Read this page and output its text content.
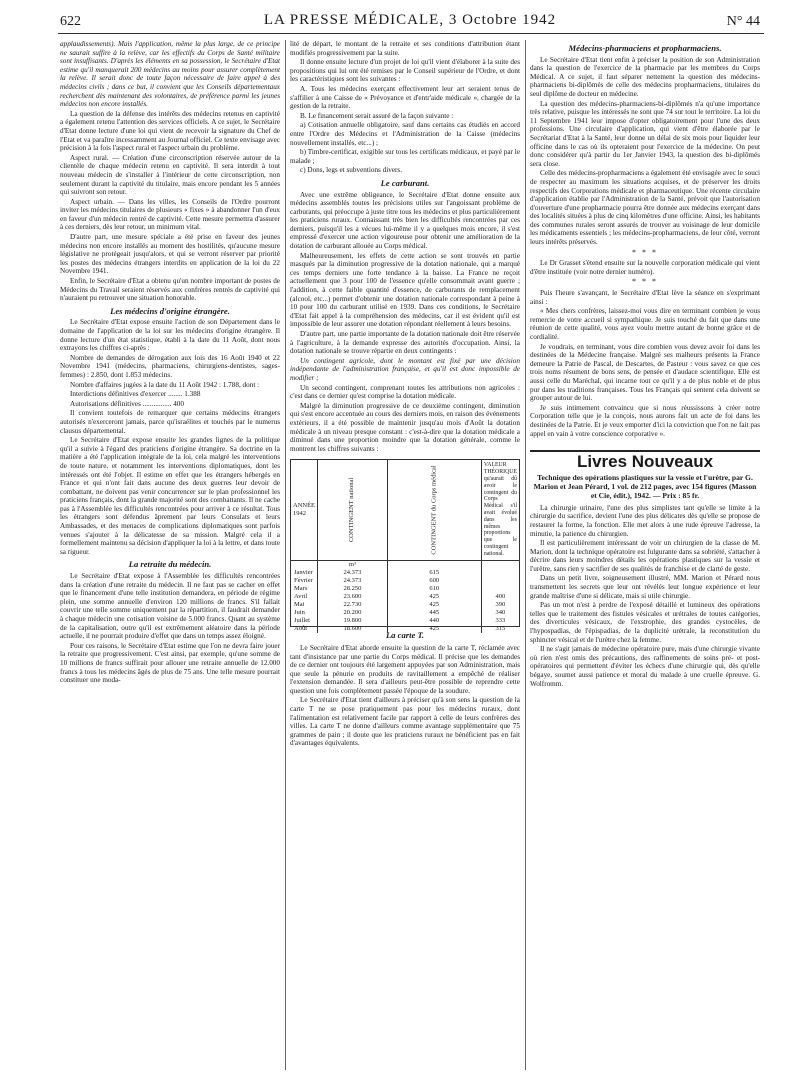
622	LA PRESSE MÉDICALE, 3 Octobre 1942	N° 44

applaudissements). Mais l'application, même la plus large, de ce principe ne saurait suffire à la relève, car les effectifs du Corps de Santé militaire sont insuffisants. D'après les éléments en sa possession, le Secrétaire d'Etat estime qu'il manquerait 200 médecins au moins pour assurer complètement la relève. Il serait donc de toute façon nécessaire de faire appel à des médecins civils ; dans ce but, il convient que les Conseils départementaux recherchent dès maintenant des volontaires, de préférence parmi les jeunes médecins non encore installés.

La question de la défense des intérêts des médecins retenus en captivité a également retenu l'attention des services officiels. A ce sujet, le Secrétaire d'Etat donne lecture d'une loi qui vient de recevoir la signature du Chef de l'Etat et va paraître incessamment au Journal officiel. Ce texte envisage avec précision à la fois l'aspect rural et l'aspect urbain du problème.

Aspect rural. — Création d'une circonscription réservée autour de la clientèle de chaque médecin retenu en captivité. Il sera interdit à tout nouveau médecin de s'installer à l'intérieur de cette circonscription, non seulement durant la captivité du titulaire, mais encore pendant les 5 années qui suivront son retour.

Aspect urbain. — Dans les villes, les Conseils de l'Ordre pourront inviter les médecins titulaires de plusieurs « fixes » à abandonner l'un d'eux en faveur d'un médecin rentré de captivité. Cette mesure permettra d'assurer à ces derniers, dès leur retour, un minimum vital.

D'autre part, une mesure spéciale a été prise en faveur des jeunes médecins non encore installés au moment des hostilités, qu'aucune mesure législative ne protégeait jusqu'alors, et qui se verront réserver par priorité les postes des médecins étrangers interdits en application de la loi du 22 Novembre 1941.

Enfin, le Secrétaire d'Etat a obtenu qu'un nombre important de postes de Médecins du Travail seraient réservés aux confrères rentrés de captivité qui n'auraient pu retrouver une situation honorable.

Les médecins d'origine étrangère.

Le Secrétaire d'Etat expose ensuite l'action de son Département dans le domaine de l'application de la loi sur les médecins d'origine étrangère. Il donne lecture d'un état statistique, établi à la date du 11 Août, dont nous extrayons les chiffres ci-après :

Nombre de demandes de dérogation aux lois des 16 Août 1940 et 22 Novembre 1941 (médecins, pharmaciens, chirurgiens-dentistes, sages-femmes) : 2.850, dont 1.853 médecins.

Nombre d'affaires jugées à la date du 11 Août 1942 : 1.788, dont :

Interdictions définitives d'exercer ........ 1.388

Autorisations définitives ................ 400

Il convient toutefois de remarquer que certains médecins étrangers autorisés n'exerceront jamais, parce qu'israélites et touchés par le numerus clausus départemental.

Le Secrétaire d'Etat expose ensuite les grandes lignes de la politique qu'il a suivie à l'égard des praticiens d'origine étrangère. Sa doctrine en la matière a été l'application intégrale de la loi, cela malgré les interventions de toute nature, et notamment les interventions diplomatiques, dont les intéressés ont été l'objet. Il estime en effet que les étrangers hébergés en France et qui n'ont fait dans aucune des deux guerres leur devoir de combattant, ne doivent pas venir concurrencer sur le plan professionnel les praticiens français, dont la grande majorité sont des combattants. Il ne cache pas à l'Assemblée les difficultés rencontrées pour arriver à ce résultat. Tous les étrangers sont défendus âprement par leurs Consulats et leurs Ambassades, et des menaces de complications diplomatiques sont parfois venues s'ajouter à la délicatesse de sa mission. Malgré cela il a formellement maintenu sa décision d'appliquer la loi à la lettre, et dans toute sa rigueur.

La retraite du médecin.

Le Secrétaire d'Etat expose à l'Assemblée les difficultés rencontrées dans la création d'une retraite du médecin. Il ne faut pas se cacher en effet que le financement d'une telle institution demandera, en période de régime plein, une somme annuelle d'environ 120 millions de francs. S'il fallait couvrir une telle somme uniquement par la répartition, il faudrait demander à chaque médecin une cotisation voisine de 5.000 francs. Quant au système de la capitalisation, outre qu'il est extrêmement aléatoire dans la période actuelle, il ne pourrait produire d'effet que dans un temps assez éloigné.

Pour ces raisons, le Secrétaire d'Etat estime que l'on ne devra faire jouer la retraite que progressivement. C'est ainsi, par exemple, qu'une somme de 10 millions de francs suffirait pour allouer une retraite annuelle de 12.000 francs à tous les médecins âgés de plus de 75 ans. Une telle mesure pourrait constituer une moda-

lité de départ, le montant de la retraite et ses conditions d'attribution étant modifiés progressivement par la suite.

Il donne ensuite lecture d'un projet de loi qu'il vient d'élaborer à la suite des propositions qui lui ont été remises par le Conseil supérieur de l'Ordre, et dont les caractéristiques sont les suivantes :

A. Tous les médecins exerçant effectivement leur art seraient tenus de s'affilier à une Caisse de « Prévoyance et d'entr'aide médicale », chargée de la gestion de la retraite.

B. Le financement serait assuré de la façon suivante :

a) Cotisation annuelle obligatoire, sauf dans certains cas étudiés en accord entre l'Ordre des Médecins et l'Administration de la Caisse (médecins nouvellement installés, etc...) ;

b) Timbre-certificat, exigible sur tous les certificats médicaux, et payé par le malade ;

c) Dons, legs et subventions divers.

Le carburant.

Avec une extrême obligeance, le Secrétaire d'Etat donne ensuite aux médecins assemblés toutes les précisions utiles sur l'angoissant problème de carburants, qui préoccupe à juste titre tous les médecins et plus particulièrement les praticiens ruraux. Connaissant très bien les difficultés rencontrées par ces derniers, puisqu'il les a vécues lui-même il y a quelques mois encore, il s'est empressé d'exercer une action vigoureuse pour obtenir une amélioration de la dotation de carburant allouée au Corps médical.

Malheureusement, les effets de cette action se sont trouvés en partie masqués par la diminution progressive de la dotation nationale, qui a marqué ces temps derniers une forte tendance à la baisse. La France ne reçoit actuellement que 3 pour 100 de l'essence qu'elle consommait avant guerre ; l'addition, à cette faible quantité d'essence, de carburants de remplacement (alcool, etc...) permet d'obtenir une dotation nationale correspondant à peine à 10 pour 100 du carburant utilisé en 1939. Dans ces conditions, le Secrétaire d'Etat fait appel à la compréhension des médecins, car il est évident qu'il est impossible de leur assurer une dotation répondant réellement à leurs besoins.

D'autre part, une partie importante de la dotation nationale doit être réservée à l'agriculture, à la demande expresse des autorités d'occupation. Ainsi, la dotation nationale se trouve répartie en deux contingents :

Un contingent agricole, dont le montant est fixé par une décision indépendante de l'administration française, et qu'il est donc impossible de modifier ;

Un second contingent, comprenant toutes les attributions non agricoles : c'est dans ce dernier qu'est comprise la dotation médicale.

Malgré la diminution progressive de ce deuxième contingent, diminution qui s'est encore accentuée au cours des derniers mois, en raison des événements extérieurs, il a été possible de maintenir jusqu'au mois d'Août la dotation médicale à un niveau presque constant : c'est-à-dire que la dotation médicale a diminué dans une proportion moindre que la dotation générale, comme le montrent les chiffres suivants :

ANNÉE 1942	CONTINGENT national	CONTINGENT du Corps médical	VALEUR THÉORIQUE qu'aurait dû avoir le contingent du Corps Médical s'il avait évolué dans les mêmes proportions que le contingent national.
	m³		
Janvier	24.373	615	
Février	24.373	600	
Mars	28.250	610	
Avril	23.600	425	400
Mai	22.730	425	390
Juin	20.200	445	340
Juillet	19.800	440	333
Août	18.600	425	315
La carte T.

Le Secrétaire d'Etat aborde ensuite la question de la carte T, réclamée avec tant d'insistance par une partie du Corps médical. Il précise que les demandes de ce dernier ont toujours été largement appuyées par son Administration, mais que seule la pénurie en produits de ravitaillement a empêché de réaliser l'extension demandée. Il sera d'ailleurs peut-être possible de reprendre cette question une fois complètement passée l'époque de la soudure.

Le Secrétaire d'Etat tient d'ailleurs à préciser qu'à son sens la question de la carte T ne se pose pratiquement pas pour les médecins ruraux, dont l'alimentation est relativement facile par rapport à celle de leurs confrères des villes. La carte T ne donne d'ailleurs comme avantage supplémentaire que 75 grammes de pain ; il doute que les praticiens ruraux ne bénéficient pas en fait d'avantages équivalents.

Médecins-pharmaciens et propharmaciens.

Le Secrétaire d'Etat tient enfin à préciser la position de son Administration dans la question de l'exercice de la pharmacie par les membres du Corps Médical. A ce sujet, il faut séparer nettement la question des médecins-pharmaciens bi-diplômés de celle des médecins propharmaciens, titulaires du seul diplôme de docteur en médecine.

La question des médecins-pharmaciens-bi-diplômés n'a qu'une importance très relative, puisque les intéressés ne sont que 74 sur tout le territoire. La loi du 11 Septembre 1941 leur impose d'opter obligatoirement pour l'une des deux professions. Une circulaire d'application, qui vient d'être élaborée par le Secrétariat d'Etat à la Santé, leur donne un délai de six mois pour liquider leur officine dans le cas où ils opteraient pour l'exercice de la médecine. On peut donc considérer qu'à partir du 1er Janvier 1943, la question des bi-diplômés sera close.

Celle des médecins-propharmaciens a également été envisagée avec le souci de respecter au maximum les situations acquises, et de préserver les droits respectifs des Corporations médicale et pharmaceutique. Une récente circulaire d'application établie par l'Administration de la Santé, prévoit que l'autorisation d'ouverture d'une propharmacie pourra être donnée aux médecins exerçant dans des localités situées à plus de cinq kilomètres d'une officine. Ainsi, les habitants des communes rurales seront assurés de trouver au voisinage de leur domicile les médicaments essentiels ; les médecins-propharmaciens, de leur côté, verront leurs intérêts préservés.

* * *

Le Dr Grasset s'étend ensuite sur la nouvelle corporation médicale qui vient d'être instituée (voir notre dernier numéro).

* * *

Puis l'heure s'avançant, le Secrétaire d'Etat lève la séance en s'exprimant ainsi :

« Mes chers confrères, laissez-moi vous dire en terminant combien je vous remercie de votre accueil si sympathique. Je suis touché du fait que dans une réunion de cette qualité, vous ayez voulu mettre autant de bonne grâce et de cordialité.

Je voudrais, en terminant, vous dire combien vous devez avoir foi dans les destinées de la Médecine française. Malgré ses malheurs présents la France demeure la Patrie de Pascal, de Descartes, de Pasteur : vous savez ce que ces trois noms résument de bons sens, de pensée et d'audace scientifique. Elle est aussi celle du Maréchal, qui incarne tout ce qu'il y a de plus noble et de plus pur dans les traditions françaises. Tous les Français qui sentent cela doivent se grouper autour de lui.

Je suis intimement convaincu que si nous réussissons à créer notre Corporation telle que je la conçois, nous aurons fait un acte de foi dans les destinées de la Patrie. Et je veux emporter d'ici la conviction que l'on ne fait pas appel en vain à votre conscience corporative ».

Livres Nouveaux
Technique des opérations plastiques sur la vessie et l'urètre, par G. Marion et Jean Pérard, 1 vol. de 212 pages, avec 154 figures (Masson et Cie, édit.), 1942. — Prix : 85 fr.

La chirurgie urinaire, l'une des plus simplistes tant qu'elle se limite à la chirurgie du sacrifice, devient l'une des plus délicates dès qu'elle se propose de restaurer la forme, la fonction. Elle met alors à une rude épreuve l'adresse, la minutie, la patience du chirurgien.

Il est particulièrement intéressant de voir un chirurgien de la classe de M. Marion, dont la technique opératoire est fulgurante dans sa sobriété, s'attacher à décrire dans leurs moindres détails les opérations plastiques sur la vessie et l'urètre, sans rien y sacrifier de ses qualités de franchise et de clarté de geste.

Dans un petit livre, soigneusement illustré, MM. Marion et Pérard nous transmettent les secrets que leur ont révélés leur longue expérience et leur grande maîtrise d'une si délicate, mais si utile chirurgie.

Pas un mot n'est à perdre de l'exposé détaillé et lumineux des opérations telles que le traitement des fistules vésicales et urétrales de toutes catégories, des diverticules vésicaux, de l'exstrophie, des grandes cystocèles, de l'hypospadias, de l'épispadias, de la duplicité urétrale, la reconstitution du sphincter vésical et de l'urètre chez la femme.

Il ne s'agit jamais de médecine opératoire pure, mais d'une chirurgie vivante où rien n'est omis des précautions, des raffinements de soins pré- et post-opératoires qui permettent d'éviter les échecs d'une chirurgie qui, dès qu'elle bégaye, soumet aussi patience et moral du malade à une cruelle épreuve. G. Wolfromm.
